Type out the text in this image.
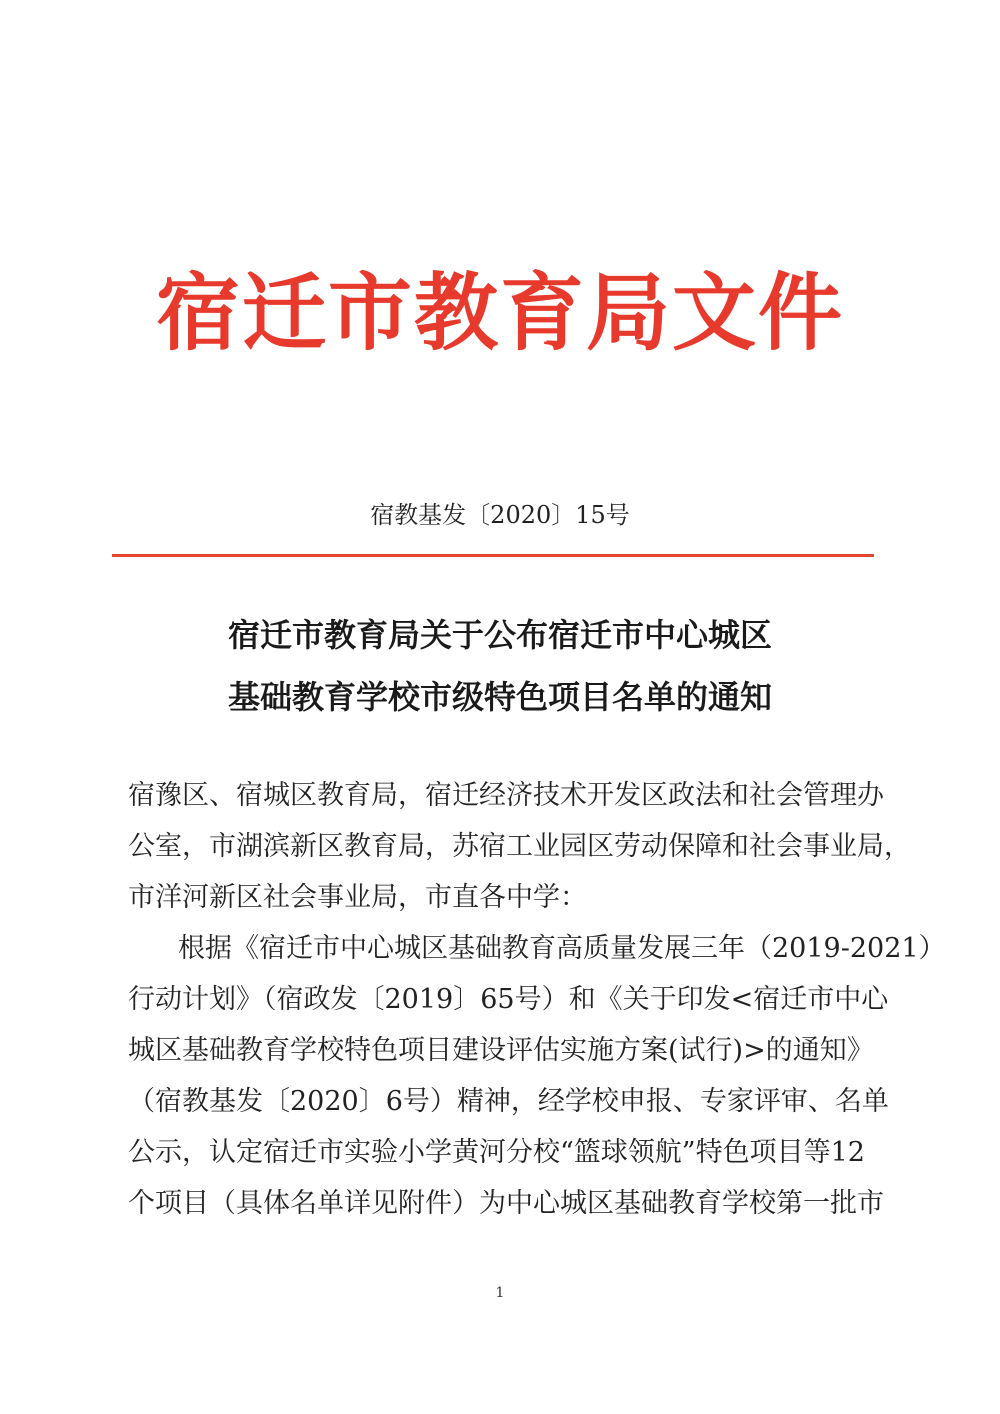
宿迁市教育局文件
宿教基发〔2020〕15号
宿迁市教育局关于公布宿迁市中心城区
基础教育学校市级特色项目名单的通知
宿豫区、宿城区教育局，宿迁经济技术开发区政法和社会管理办
公室，市湖滨新区教育局，苏宿工业园区劳动保障和社会事业局，
市洋河新区社会事业局，市直各中学：
根据《宿迁市中心城区基础教育高质量发展三年（2019-2021）
行动计划》（宿政发〔2019〕65号）和《关于印发<宿迁市中心
城区基础教育学校特色项目建设评估实施方案(试行)>的通知》
（宿教基发〔2020〕6号）精神，经学校申报、专家评审、名单
公示，认定宿迁市实验小学黄河分校“篮球领航”特色项目等12
个项目（具体名单详见附件）为中心城区基础教育学校第一批市
1
